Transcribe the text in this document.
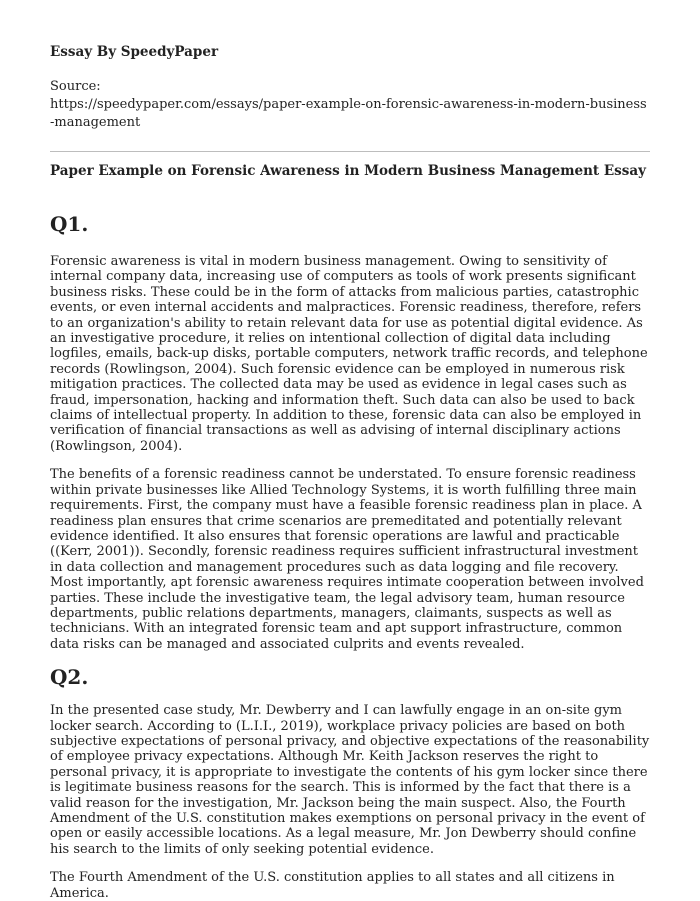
Essay By SpeedyPaper
Source:
https://speedypaper.com/essays/paper-example-on-forensic-awareness-in-modern-business-management
Paper Example on Forensic Awareness in Modern Business Management Essay
Q1.

Forensic awareness is vital in modern business management. Owing to sensitivity of internal company data, increasing use of computers as tools of work presents significant business risks. These could be in the form of attacks from malicious parties, catastrophic events, or even internal accidents and malpractices. Forensic readiness, therefore, refers to an organization's ability to retain relevant data for use as potential digital evidence. As an investigative procedure, it relies on intentional collection of digital data including logfiles, emails, back-up disks, portable computers, network traffic records, and telephone records (Rowlingson, 2004). Such forensic evidence can be employed in numerous risk mitigation practices. The collected data may be used as evidence in legal cases such as fraud, impersonation, hacking and information theft. Such data can also be used to back claims of intellectual property. In addition to these, forensic data can also be employed in verification of financial transactions as well as advising of internal disciplinary actions (Rowlingson, 2004).

The benefits of a forensic readiness cannot be understated. To ensure forensic readiness within private businesses like Allied Technology Systems, it is worth fulfilling three main requirements. First, the company must have a feasible forensic readiness plan in place. A readiness plan ensures that crime scenarios are premeditated and potentially relevant evidence identified. It also ensures that forensic operations are lawful and practicable ((Kerr, 2001)). Secondly, forensic readiness requires sufficient infrastructural investment in data collection and management procedures such as data logging and file recovery. Most importantly, apt forensic awareness requires intimate cooperation between involved parties. These include the investigative team, the legal advisory team, human resource departments, public relations departments, managers, claimants, suspects as well as technicians. With an integrated forensic team and apt support infrastructure, common data risks can be managed and associated culprits and events revealed.

Q2.

In the presented case study, Mr. Dewberry and I can lawfully engage in an on-site gym locker search. According to (L.I.I., 2019), workplace privacy policies are based on both subjective expectations of personal privacy, and objective expectations of the reasonability of employee privacy expectations. Although Mr. Keith Jackson reserves the right to personal privacy, it is appropriate to investigate the contents of his gym locker since there is legitimate business reasons for the search. This is informed by the fact that there is a valid reason for the investigation, Mr. Jackson being the main suspect. Also, the Fourth Amendment of the U.S. constitution makes exemptions on personal privacy in the event of open or easily accessible locations. As a legal measure, Mr. Jon Dewberry should confine his search to the limits of only seeking potential evidence.

The Fourth Amendment of the U.S. constitution applies to all states and all citizens in America.
